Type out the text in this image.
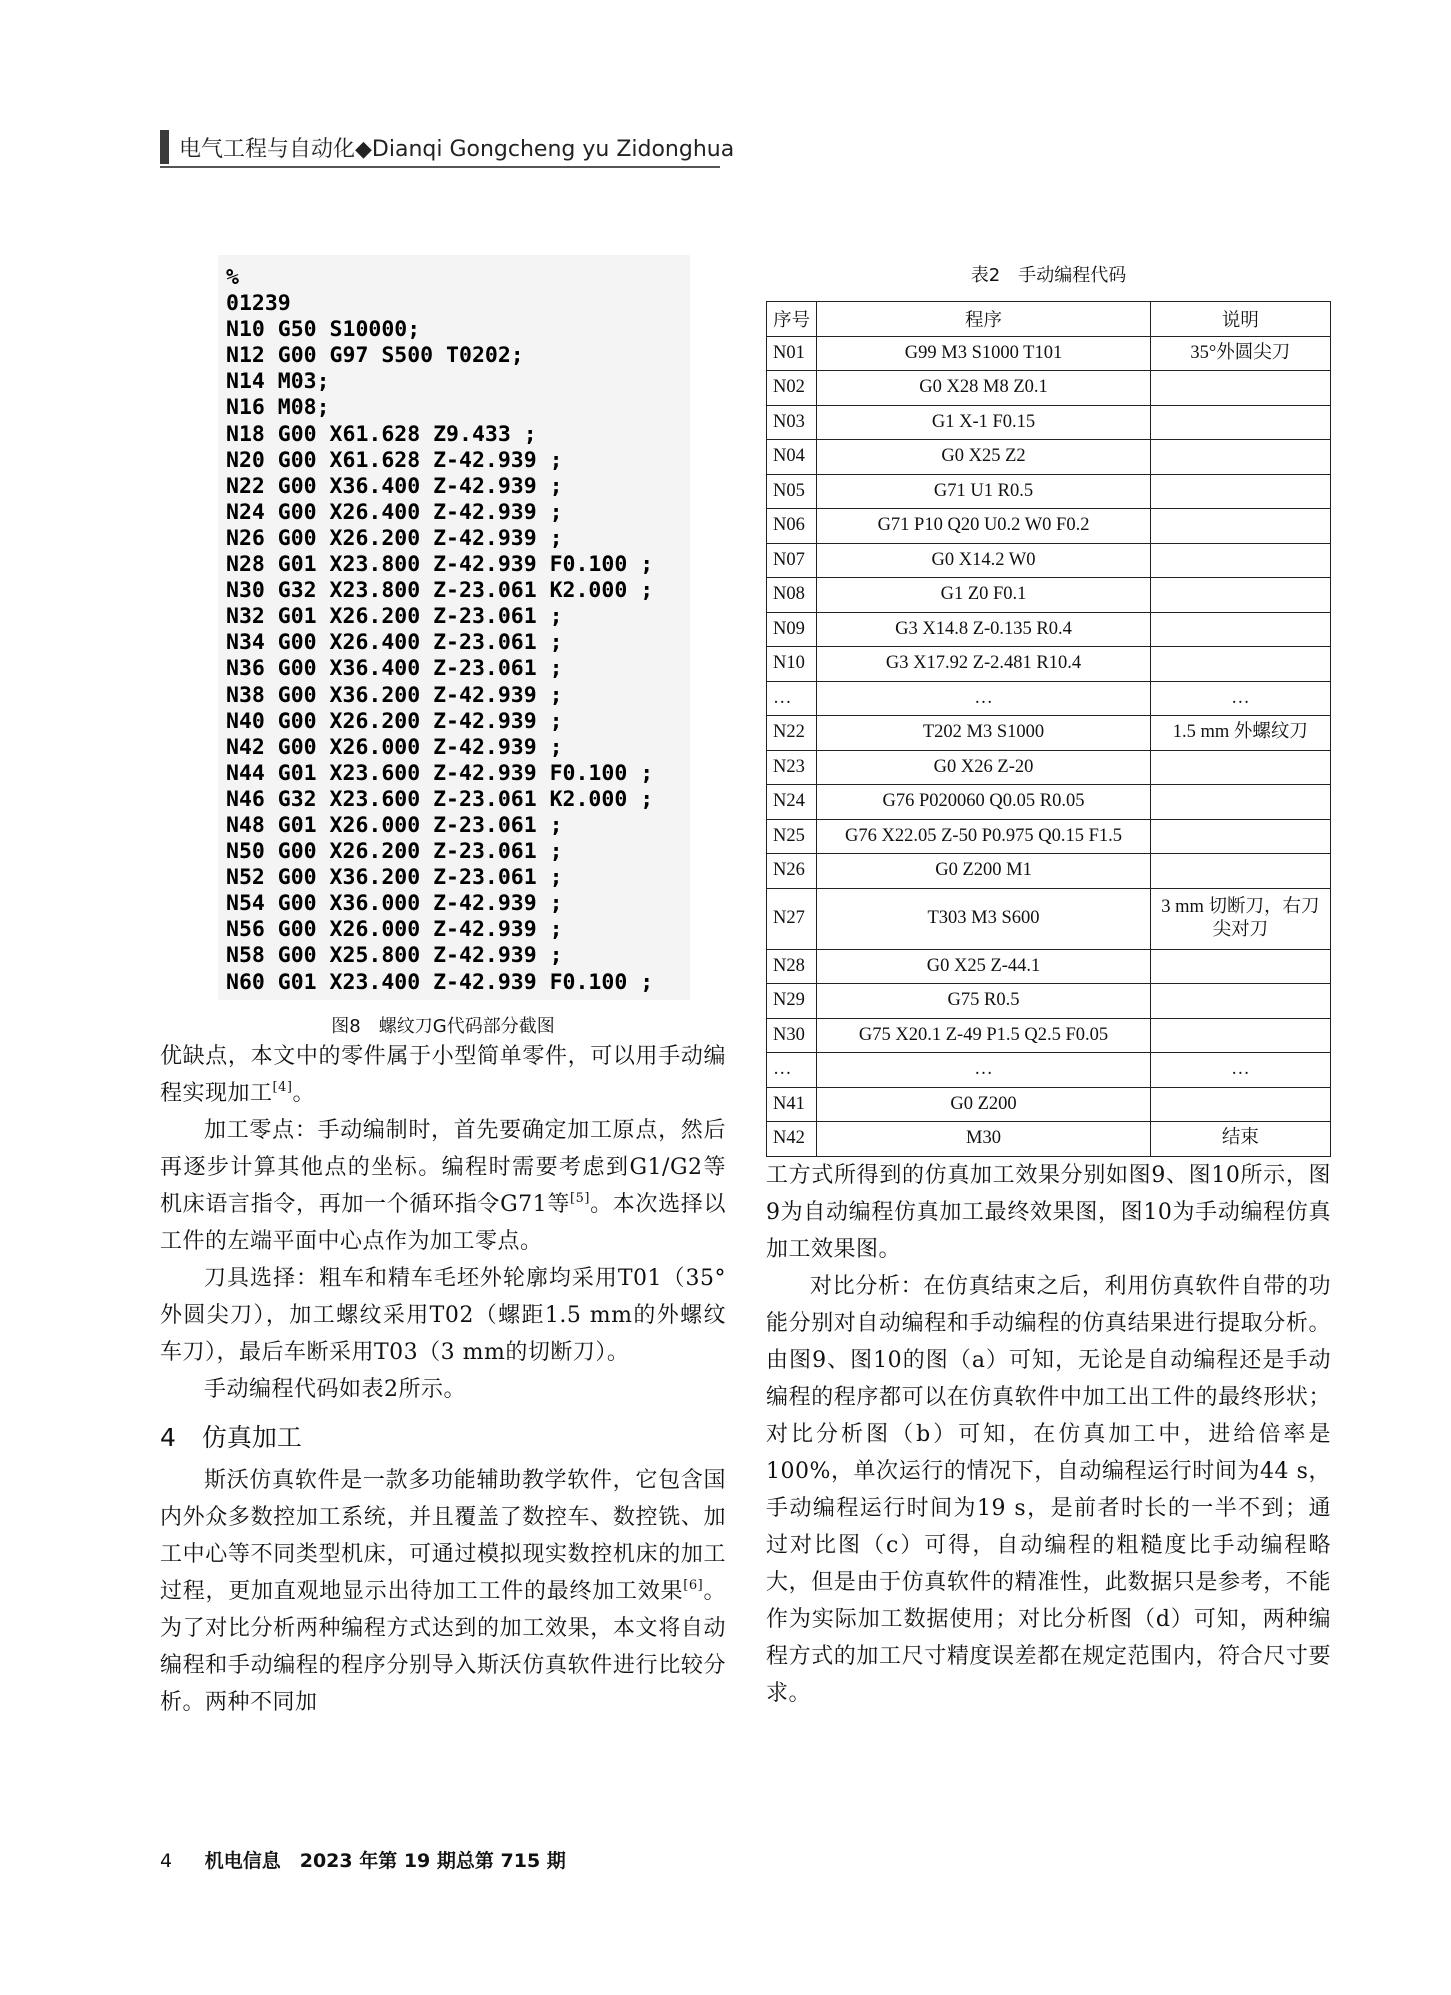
电气工程与自动化◆Dianqi Gongcheng yu Zidonghua
%
01239
N10 G50 S10000;
N12 G00 G97 S500 T0202;
N14 M03;
N16 M08;
N18 G00 X61.628 Z9.433 ;
N20 G00 X61.628 Z-42.939 ;
N22 G00 X36.400 Z-42.939 ;
N24 G00 X26.400 Z-42.939 ;
N26 G00 X26.200 Z-42.939 ;
N28 G01 X23.800 Z-42.939 F0.100 ;
N30 G32 X23.800 Z-23.061 K2.000 ;
N32 G01 X26.200 Z-23.061 ;
N34 G00 X26.400 Z-23.061 ;
N36 G00 X36.400 Z-23.061 ;
N38 G00 X36.200 Z-42.939 ;
N40 G00 X26.200 Z-42.939 ;
N42 G00 X26.000 Z-42.939 ;
N44 G01 X23.600 Z-42.939 F0.100 ;
N46 G32 X23.600 Z-23.061 K2.000 ;
N48 G01 X26.000 Z-23.061 ;
N50 G00 X26.200 Z-23.061 ;
N52 G00 X36.200 Z-23.061 ;
N54 G00 X36.000 Z-42.939 ;
N56 G00 X26.000 Z-42.939 ;
N58 G00 X25.800 Z-42.939 ;
N60 G01 X23.400 Z-42.939 F0.100 ;
图8　螺纹刀G代码部分截图

优缺点，本文中的零件属于小型简单零件，可以用手动编程实现加工[4]。

加工零点：手动编制时，首先要确定加工原点，然后再逐步计算其他点的坐标。编程时需要考虑到G1/G2等机床语言指令，再加一个循环指令G71等[5]。本次选择以工件的左端平面中心点作为加工零点。

刀具选择：粗车和精车毛坯外轮廓均采用T01（35°外圆尖刀），加工螺纹采用T02（螺距1.5 mm的外螺纹车刀），最后车断采用T03（3 mm的切断刀）。

手动编程代码如表2所示。

4 仿真加工

斯沃仿真软件是一款多功能辅助教学软件，它包含国内外众多数控加工系统，并且覆盖了数控车、数控铣、加工中心等不同类型机床，可通过模拟现实数控机床的加工过程，更加直观地显示出待加工工件的最终加工效果[6]。为了对比分析两种编程方式达到的加工效果，本文将自动编程和手动编程的程序分别导入斯沃仿真软件进行比较分析。两种不同加

表2　手动编程代码
序号	程序	说明
N01	G99 M3 S1000 T101	35°外圆尖刀
N02	G0 X28 M8 Z0.1	
N03	G1 X-1 F0.15	
N04	G0 X25 Z2	
N05	G71 U1 R0.5	
N06	G71 P10 Q20 U0.2 W0 F0.2	
N07	G0 X14.2 W0	
N08	G1 Z0 F0.1	
N09	G3 X14.8 Z-0.135 R0.4	
N10	G3 X17.92 Z-2.481 R10.4	
…	…	…
N22	T202 M3 S1000	1.5 mm 外螺纹刀
N23	G0 X26 Z-20	
N24	G76 P020060 Q0.05 R0.05	
N25	G76 X22.05 Z-50 P0.975 Q0.15 F1.5	
N26	G0 Z200 M1	
N27	T303 M3 S600	3 mm 切断刀，右刀尖对刀
N28	G0 X25 Z-44.1	
N29	G75 R0.5	
N30	G75 X20.1 Z-49 P1.5 Q2.5 F0.05	
…	…	…
N41	G0 Z200	
N42	M30	结束

工方式所得到的仿真加工效果分别如图9、图10所示，图9为自动编程仿真加工最终效果图，图10为手动编程仿真加工效果图。

对比分析：在仿真结束之后，利用仿真软件自带的功能分别对自动编程和手动编程的仿真结果进行提取分析。由图9、图10的图（a）可知，无论是自动编程还是手动编程的程序都可以在仿真软件中加工出工件的最终形状；对比分析图（b）可知，在仿真加工中，进给倍率是100%，单次运行的情况下，自动编程运行时间为44 s，手动编程运行时间为19 s，是前者时长的一半不到；通过对比图（c）可得，自动编程的粗糙度比手动编程略大，但是由于仿真软件的精准性，此数据只是参考，不能作为实际加工数据使用；对比分析图（d）可知，两种编程方式的加工尺寸精度误差都在规定范围内，符合尺寸要求。

4 机电信息　2023 年第 19 期总第 715 期
